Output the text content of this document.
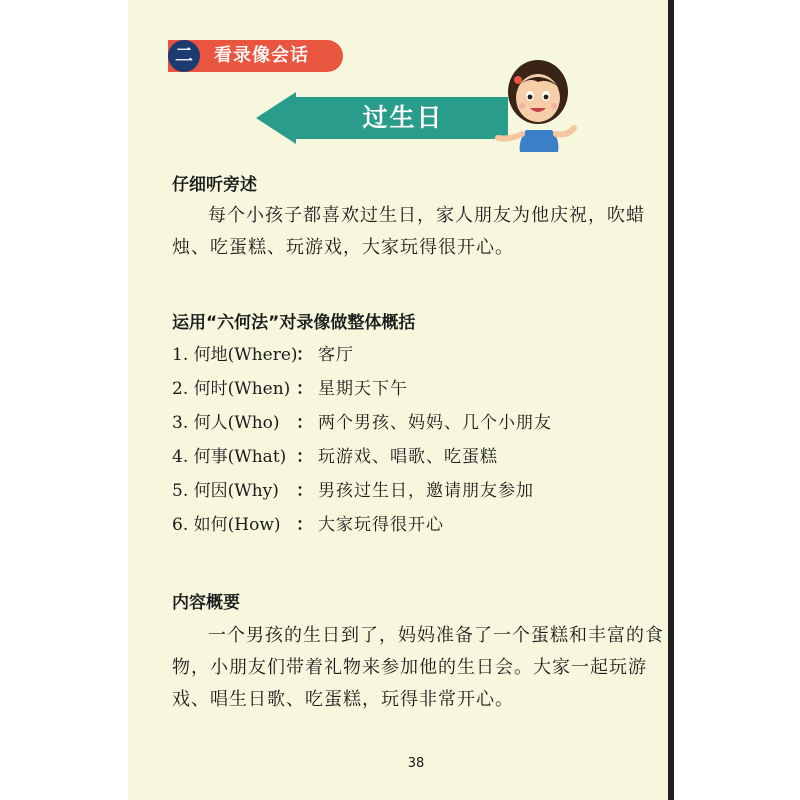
二	看录像会话
过生日
仔细听旁述
每个小孩子都喜欢过生日，家人朋友为他庆祝，吹蜡烛、吃蛋糕、玩游戏，大家玩得很开心。
运用“六何法”对录像做整体概括
1. 何地(Where)
： 客厅
2. 何时(When) ： 星期天下午
3. 何人(Who) ： 两个男孩、妈妈、几个小朋友
4. 何事(What) ： 玩游戏、唱歌、吃蛋糕
5. 何因(Why) ： 男孩过生日，邀请朋友参加
6. 如何(How) ： 大家玩得很开心
内容概要
一个男孩的生日到了，妈妈准备了一个蛋糕和丰富的食物，小朋友们带着礼物来参加他的生日会。大家一起玩游戏、唱生日歌、吃蛋糕，玩得非常开心。
38
